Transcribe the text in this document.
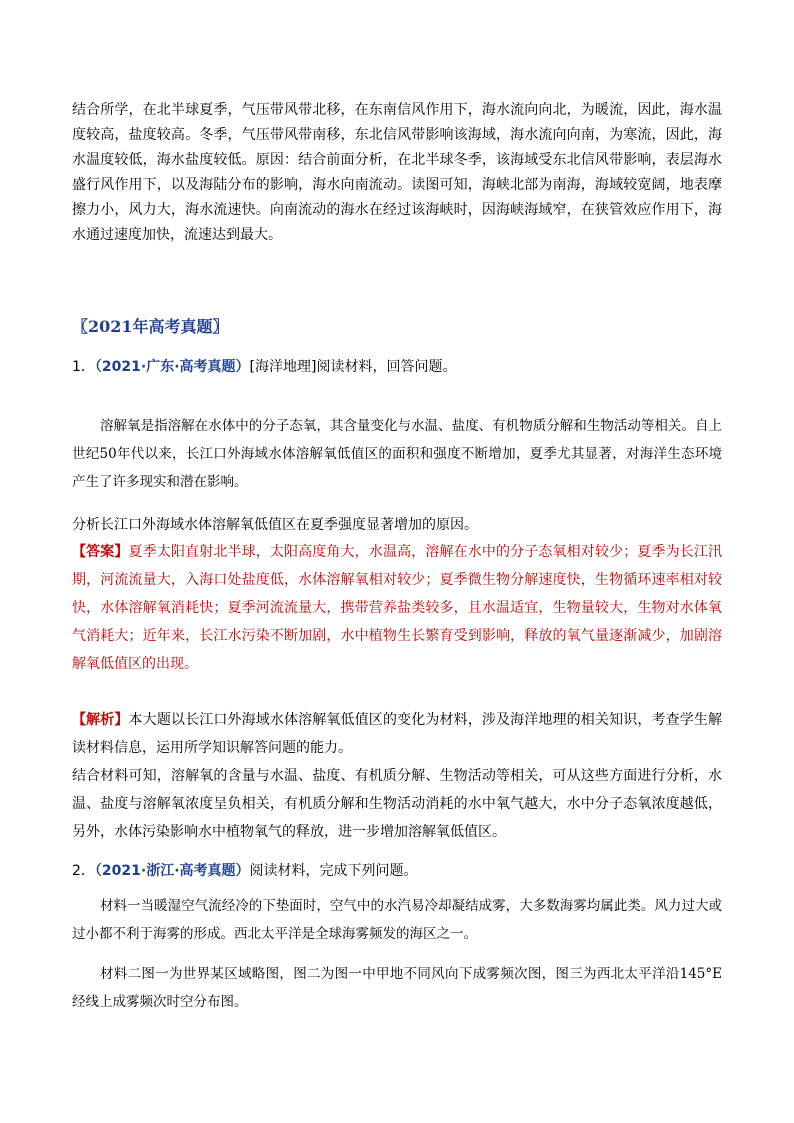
结合所学，在北半球夏季，气压带风带北移，在东南信风作用下，海水流向向北，为暖流，因此，海水温度较高，盐度较高。冬季，气压带风带南移，东北信风带影响该海域，海水流向向南，为寒流，因此，海水温度较低，海水盐度较低。原因：结合前面分析，在北半球冬季，该海域受东北信风带影响，表层海水盛行风作用下，以及海陆分布的影响，海水向南流动。读图可知，海峡北部为南海，海域较宽阔，地表摩擦力小，风力大，海水流速快。向南流动的海水在经过该海峡时，因海峡海域窄，在狭管效应作用下，海水通过速度加快，流速达到最大。

〖2021年高考真题〗

1．（2021·广东·高考真题）[海洋地理]阅读材料，回答问题。

溶解氧是指溶解在水体中的分子态氧，其含量变化与水温、盐度、有机物质分解和生物活动等相关。自上世纪50年代以来，长江口外海域水体溶解氧低值区的面积和强度不断增加，夏季尤其显著，对海洋生态环境产生了许多现实和潜在影响。

分析长江口外海域水体溶解氧低值区在夏季强度显著增加的原因。

【答案】夏季太阳直射北半球，太阳高度角大，水温高，溶解在水中的分子态氧相对较少；夏季为长江汛期，河流流量大，入海口处盐度低，水体溶解氧相对较少；夏季微生物分解速度快，生物循环速率相对较快，水体溶解氧消耗快；夏季河流流量大，携带营养盐类较多，且水温适宜，生物量较大，生物对水体氧气消耗大；近年来，长江水污染不断加剧，水中植物生长繁育受到影响，释放的氧气量逐渐减少，加剧溶解氧低值区的出现。

【解析】本大题以长江口外海域水体溶解氧低值区的变化为材料，涉及海洋地理的相关知识，考查学生解读材料信息，运用所学知识解答问题的能力。

结合材料可知，溶解氧的含量与水温、盐度、有机质分解、生物活动等相关，可从这些方面进行分析，水温、盐度与溶解氧浓度呈负相关，有机质分解和生物活动消耗的水中氧气越大，水中分子态氧浓度越低，另外，水体污染影响水中植物氧气的释放，进一步增加溶解氧低值区。

2．（2021·浙江·高考真题）阅读材料，完成下列问题。

材料一当暖湿空气流经冷的下垫面时，空气中的水汽易冷却凝结成雾，大多数海雾均属此类。风力过大或过小都不利于海雾的形成。西北太平洋是全球海雾频发的海区之一。

材料二图一为世界某区域略图，图二为图一中甲地不同风向下成雾频次图，图三为西北太平洋沿145°E经线上成雾频次时空分布图。
